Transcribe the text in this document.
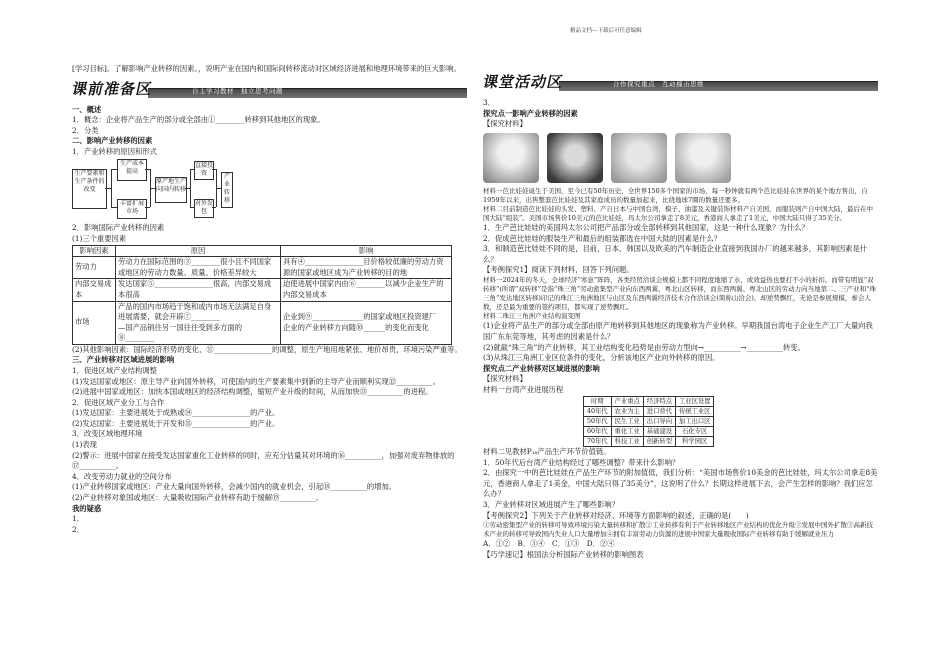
精品文档---下载后可任意编辑

[学习目标]。了解影响产业转移的因素。，说明产业在国内和国际间转移流动对区域经济进展和地理环境带来的巨大影响。

课前准备区	自主学习教材　独立思考问题

一、概述

1．概念：企业将产品生产的部分或全部由①________转移到其他地区的现象。

2．分类

二、影响产业转移的因素

1．产业转移的原因和形式

生产要素和生产条件的改变
生产成本提高
丰富扩展市场
原产地生产向国内转移
直接投资
对外发包
产业转移

2．影响国际产业转移的因素

(1)三个重要因素

影响因素	原因	影响
劳动力	劳动力在国际范围的③________很小且不同国家或地区的劳动力数量、质量、价格差异较大	具有④________________目价格较低廉的劳动力资源的国家或地区成为产业转移的目的地
内部交易成本	发达国家⑤________________很高，内部交易成本很高	迫使进展中国家内由⑥________以减少企业生产的内部交易成本
市场	产品的国内市场趋于饱和或内市场无法满足自身进展需要，就会开辟⑦________
—国产品销往另一国往往受到多方面的⑧________	企业到⑨______________的国家或地区投资建厂
企业的产业转移方向随⑩______的变化而变化

(2)其他影响因素：国际经济形势的变化、⑪________________的调整，原生产地用地紧张、地价昂贵，环境污染严重等。

三、产业转移对区域进展的影响

1．促进区域产业结构调整

(1)发达国家或地区：原主导产业向国外转移，可使国内的生产要素集中到新的主导产业而顺利实现⑫__________。

(2)进展中国家或地区：加快本国或地区的经济结构调整，缩短产业升级的时间，从而加快⑬__________的进程。

2．促进区域产业分工与合作

(1)发达国家：主要进展处于成熟或⑭________________的产业。

(2)发达国家：主要进展处于开发和⑮________________的产业。

3．改变区域地理环境

(1)表现

(2)警示：进展中国家在接受发达国家重化工业转移的同时，应充分估量其对环境的⑯__________，加强对废弃物排放的⑰__________。

4．改变劳动力就业的空间分布

(1)产业转移国家或地区：产业大量向国外转移，会减少国内的就业机会，引起⑱__________的增加。

(2)产业转移对象国或地区：大量吸收国际产业转移有助于缓解⑲__________。

我的疑惑

1．

2．

课堂活动区	合作探究重点　互动撞击思维

3．

探究点一影响产业转移的因素

【探究材料】

材料一芭比娃娃诞生于美国，至今已有50年历史，全世界150多个国家的市场，每一秒钟就有两个芭比娃娃在世界的某个地方售出，自1959年以来，出售整套芭比娃娃及其家庭成员的数量加起来，比绕地球7圈的数量还要多。

材料二目前制造芭比娃娃的头发、塑料、产自日本与中国台湾，模子、油漆及关键装饰材料产自美国，而服装则产自中国大陆，最后在中国大陆“组装”。美国市场售价10美元的芭比娃娃，玛太尔公司拿走了8美元，香港商人拿走了1美元，中国大陆只得了35美分。

1．生产芭比娃娃的美国玛太尔公司把产品部分或全部转移到其他国家，这是一种什么现象？为什么？

2．促成芭比娃娃的服装生产和最后的组装都选在中国大陆的因素是什么？

3．和制造芭比娃娃不同的是，目前，日本、韩国以及欧美的汽车制造企业直接到我国办厂的越来越多，其影响因素是什么？

【考例探究1】阅读下列材料，回答下列问题。

材料一2024年的冬天，全球经济“寒意”阵阵，各类经贸洽谈会规模上都不同程度地缩了水，或效益热也要打不小的折扣。而带有明显“双转移”(所谓“双转移”是指“珠三角”劳动密集型产业向东西两翼、粤北山区转移，而东西两翼、粤北山区的劳动力向当地第二、三产业和“珠三角”发达地区转移)印记的珠江三角洲地区与山区及东西两翼经济技术合作洽谈会(简称山洽会)，却逆势飘红，无论是参展规模，参会人数，还是最为重要的签约项目，都实现了逆势飘红。

材料二珠江三角洲产业结构演变图

(1)企业将产品生产的部分或全部由原产地转移到其他地区的现象称为产业转移。早期我国台湾电子企业生产工厂大量向我国广东东莞等地，其考虑的因素是什么？

(2)就截“珠三角”的产业转移，其工业结构变化趋势是由劳动力型向→__________→__________转变。

(3)从珠江三角洲工业区位条件的变化，分析该地区产业向外转移的原因。

探究点二产业转移对区域进展的影响

【探究材料】

材料一台湾产业进展历程

时期	产业重点	经济特点	工业区设置
40年代	农业为主	进口替代	传统工业区
50年代	民生工业	出口导向	加工出口区
60年代	重化工业	基础建设	石化专区
70年代	科技工业	创新转型	科学园区

材料二见教材P₁₈产品生产环节价值链。

1．50年代后台湾产业结构经过了哪些调整？带来什么影响？

2．由探究一中的芭比娃娃在产品生产环节的附加值低，我们分析：“美国市场售价10美金的芭比娃娃，玛太尔公司拿走8美元，香港商人拿走了1美金，中国大陆只得了35美分”，这说明了什么？长期这样进展下去，会产生怎样的影响？我们应怎么办？

3．产业转移对区域进展产生了哪些影响？

【考例探究2】下列关于产业转移对经济、环境等方面影响的叙述，正确的是(　　)

①劳动密集型产业的转移可导致环境污染大量转移和扩散②工业转移有利于产业转移地区产业结构的优化升级③发展中国外扩散③高新技术产业的转移可导致国内失业人口大量增加④拥有丰富劳动力资源的进展中国家大量吸收国际产业转移有助于缓解就业压力

A．①②　B．③④　C．①③　D．②④

【巧学速记】根国法分析国际产业转移的影响图表
